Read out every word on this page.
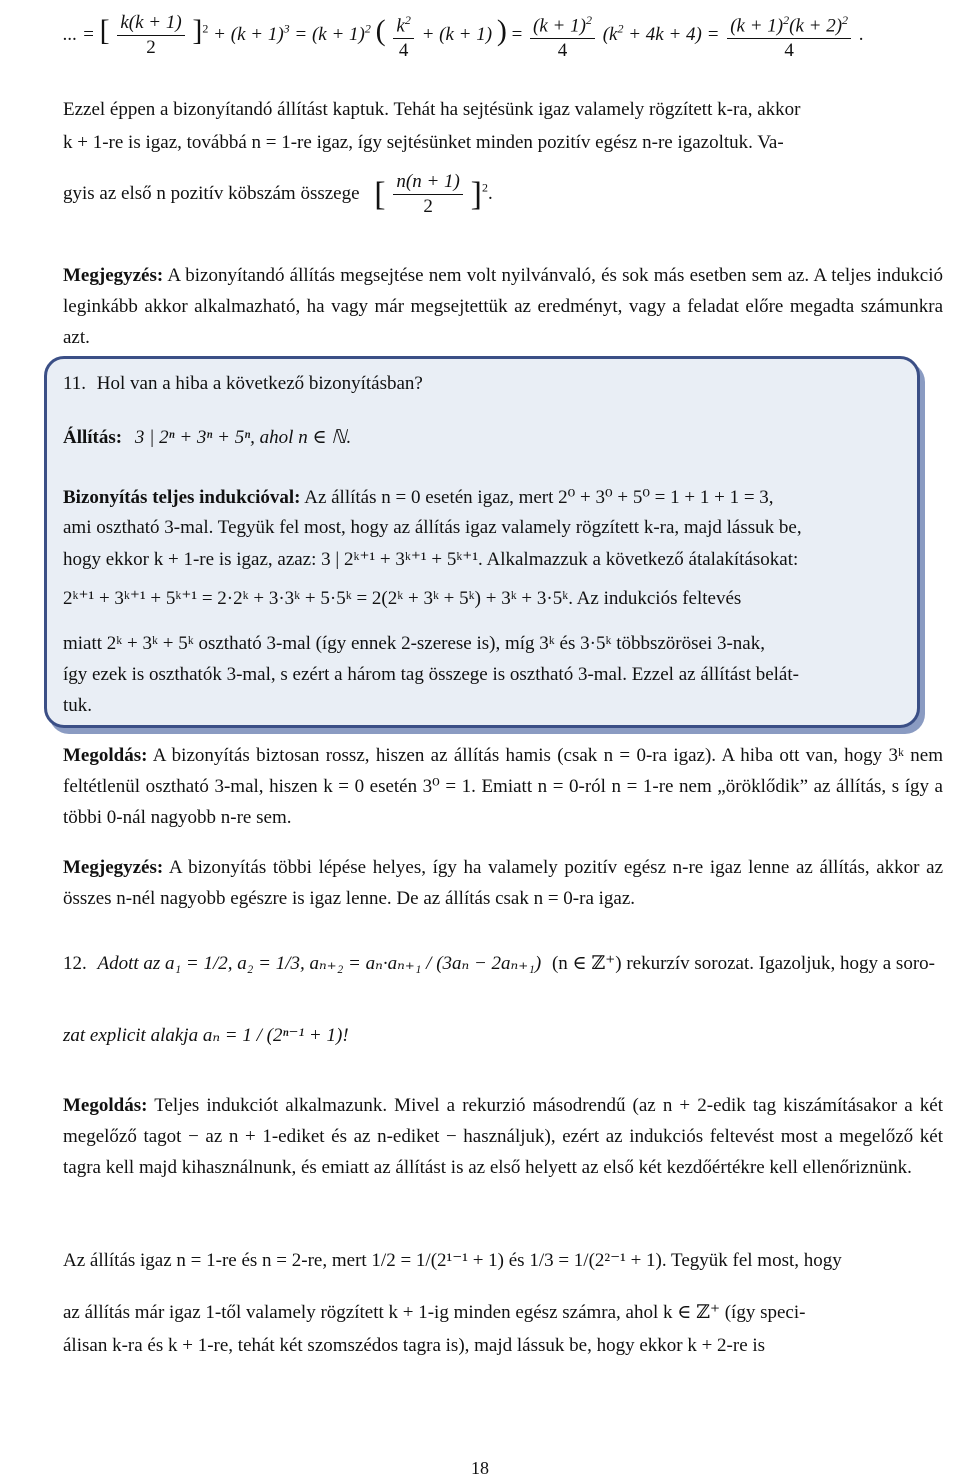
... = [ $\frac{k(k + 1)}{2} ]^2 + (k + 1)^3 = (k + 1)^2$ ( $\frac{k^2}{4} + (k + 1)$ ) = $\frac{(k + 1)^2}{4} (k^2 + 4k + 4) = \frac{(k + 1)^2(k + 2)^2}{4}$ .
Ezzel éppen a bizonyítandó állítást kaptuk. Tehát ha sejtésünk igaz valamely rögzített k-ra, akkor
k + 1-re is igaz, továbbá n = 1-re igaz, így sejtésünket minden pozitív egész n-re igazoltuk. Va-
gyis az első n pozitív köbszám összege [ $\frac{n(n + 1)}{2} ]^2$.
Megjegyzés: A bizonyítandó állítás megsejtése nem volt nyilvánvaló, és sok más esetben sem az. A teljes indukció leginkább akkor alkalmazható, ha vagy már megsejtettük az eredményt, vagy a feladat előre megadta számunkra azt.
11. Hol van a hiba a következő bizonyításban?
Állítás: 3 | 2ⁿ + 3ⁿ + 5ⁿ, ahol n ∈ ℕ.
Bizonyítás teljes indukcióval: Az állítás n = 0 esetén igaz, mert 2⁰ + 3⁰ + 5⁰ = 1 + 1 + 1 = 3,
ami osztható 3-mal. Tegyük fel most, hogy az állítás igaz valamely rögzített k-ra, majd lássuk be,
hogy ekkor k + 1-re is igaz, azaz: 3 | 2ᵏ⁺¹ + 3ᵏ⁺¹ + 5ᵏ⁺¹. Alkalmazzuk a következő átalakításokat:
2ᵏ⁺¹ + 3ᵏ⁺¹ + 5ᵏ⁺¹ = 2·2ᵏ + 3·3ᵏ + 5·5ᵏ = 2(2ᵏ + 3ᵏ + 5ᵏ) + 3ᵏ + 3·5ᵏ. Az indukciós feltevés
miatt 2ᵏ + 3ᵏ + 5ᵏ osztható 3-mal (így ennek 2-szerese is), míg 3ᵏ és 3·5ᵏ többszörösei 3-nak,
így ezek is oszthatók 3-mal, s ezért a három tag összege is osztható 3-mal. Ezzel az állítást belát-
tuk.
Megoldás: A bizonyítás biztosan rossz, hiszen az állítás hamis (csak n = 0-ra igaz). A hiba ott van, hogy 3ᵏ nem feltétlenül osztható 3-mal, hiszen k = 0 esetén 3⁰ = 1. Emiatt n = 0-ról n = 1-re nem „öröklődik” az állítás, s így a többi 0-nál nagyobb n-re sem.
Megjegyzés: A bizonyítás többi lépése helyes, így ha valamely pozitív egész n-re igaz lenne az állítás, akkor az összes n-nél nagyobb egészre is igaz lenne. De az állítás csak n = 0-ra igaz.
12. Adott az a₁ = 1/2, a₂ = 1/3, aₙ₊₂ = aₙ·aₙ₊₁ / (3aₙ − 2aₙ₊₁) (n ∈ ℤ⁺) rekurzív sorozat. Igazoljuk, hogy a soro-
zat explicit alakja aₙ = 1 / (2ⁿ⁻¹ + 1)!
Megoldás: Teljes indukciót alkalmazunk. Mivel a rekurzió másodrendű (az n + 2-edik tag kiszámításakor a két megelőző tagot − az n + 1-ediket és az n-ediket − használjuk), ezért az indukciós feltevést most a megelőző két tagra kell majd kihasználnunk, és emiatt az állítást is az első helyett az első két kezdőértékre kell ellenőriznünk.
Az állítás igaz n = 1-re és n = 2-re, mert 1/2 = 1/(2¹⁻¹ + 1) és 1/3 = 1/(2²⁻¹ + 1). Tegyük fel most, hogy
az állítás már igaz 1-től valamely rögzített k + 1-ig minden egész számra, ahol k ∈ ℤ⁺ (így speci-
álisan k-ra és k + 1-re, tehát két szomszédos tagra is), majd lássuk be, hogy ekkor k + 2-re is
18
